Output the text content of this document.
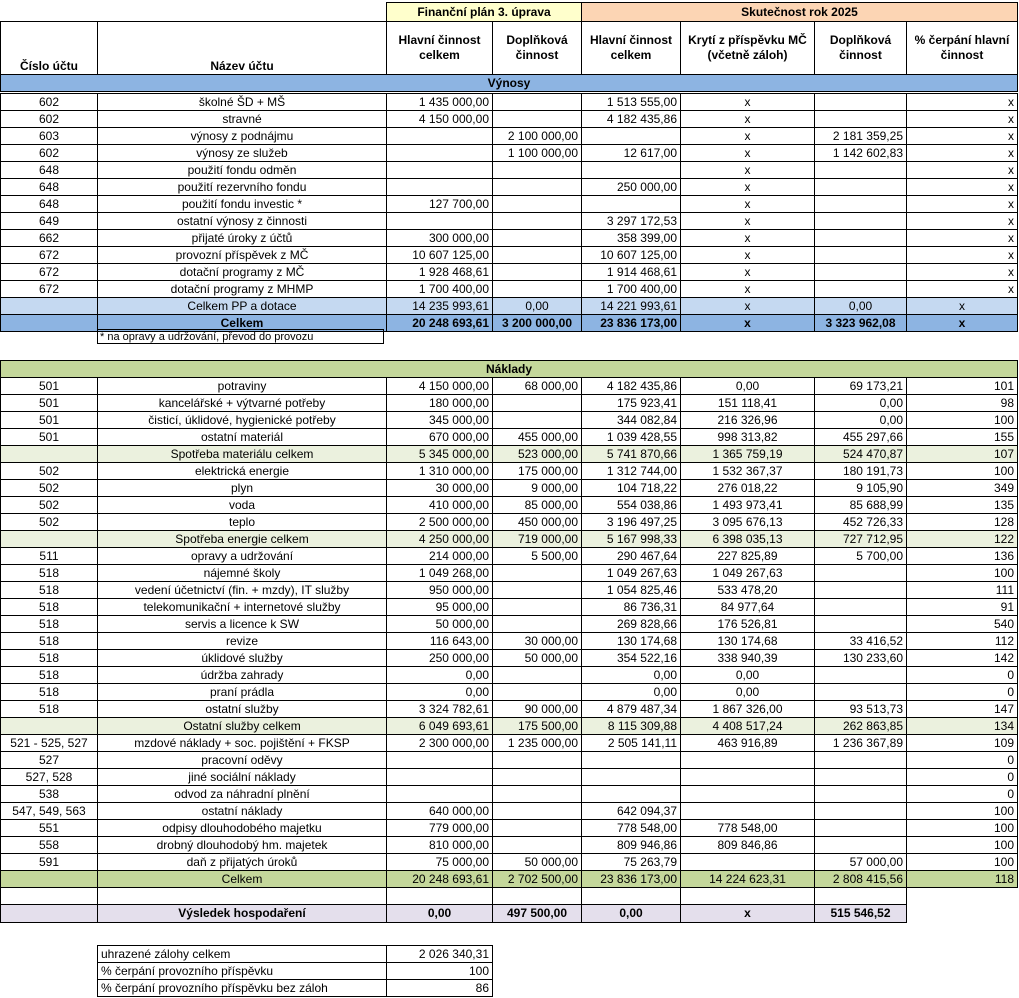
		Finanční plán 3. úprava		Skutečnost rok 2025			
Číslo účtu	Název účtu	Hlavní činnost celkem	Doplňková činnost	Hlavní činnost celkem	Krytí z příspěvku MČ (včetně záloh)	Doplňková činnost	% čerpání hlavní činnost
Výnosy							
602	školné ŠD + MŠ	1 435 000,00		1 513 555,00	x		x
602	stravné	4 150 000,00		4 182 435,86	x		x
603	výnosy z podnájmu		2 100 000,00		x	2 181 359,25	x
602	výnosy ze služeb		1 100 000,00	12 617,00	x	1 142 602,83	x
648	použití fondu odměn				x		x
648	použití rezervního fondu			250 000,00	x		x
648	použití fondu investic *	127 700,00			x		x
649	ostatní výnosy z činnosti			3 297 172,53	x		x
662	přijaté úroky z účtů	300 000,00		358 399,00	x		x
672	provozní příspěvek z MČ	10 607 125,00		10 607 125,00	x		x
672	dotační programy z MČ	1 928 468,61		1 914 468,61	x		x
672	dotační programy z MHMP	1 700 400,00		1 700 400,00	x		x
	Celkem PP a dotace	14 235 993,61	0,00	14 221 993,61	x	0,00	x
	Celkem	20 248 693,61	3 200 000,00	23 836 173,00	x	3 323 962,08	x
* na opravy a udržování, převod do provozu
Náklady							
501	potraviny	4 150 000,00	68 000,00	4 182 435,86	0,00	69 173,21	101
501	kancelářské + výtvarné potřeby	180 000,00		175 923,41	151 118,41	0,00	98
501	čisticí, úklidové, hygienické potřeby	345 000,00		344 082,84	216 326,96	0,00	100
501	ostatní materiál	670 000,00	455 000,00	1 039 428,55	998 313,82	455 297,66	155
	Spotřeba materiálu celkem	5 345 000,00	523 000,00	5 741 870,66	1 365 759,19	524 470,87	107
502	elektrická energie	1 310 000,00	175 000,00	1 312 744,00	1 532 367,37	180 191,73	100
502	plyn	30 000,00	9 000,00	104 718,22	276 018,22	9 105,90	349
502	voda	410 000,00	85 000,00	554 038,86	1 493 973,41	85 688,99	135
502	teplo	2 500 000,00	450 000,00	3 196 497,25	3 095 676,13	452 726,33	128
	Spotřeba energie celkem	4 250 000,00	719 000,00	5 167 998,33	6 398 035,13	727 712,95	122
511	opravy a udržování	214 000,00	5 500,00	290 467,64	227 825,89	5 700,00	136
518	nájemné školy	1 049 268,00		1 049 267,63	1 049 267,63		100
518	vedení účetnictví (fin. + mzdy), IT služby	950 000,00		1 054 825,46	533 478,20		111
518	telekomunikační + internetové služby	95 000,00		86 736,31	84 977,64		91
518	servis a licence k SW	50 000,00		269 828,66	176 526,81		540
518	revize	116 643,00	30 000,00	130 174,68	130 174,68	33 416,52	112
518	úklidové služby	250 000,00	50 000,00	354 522,16	338 940,39	130 233,60	142
518	údržba zahrady	0,00		0,00	0,00		0
518	praní prádla	0,00		0,00	0,00		0
518	ostatní služby	3 324 782,61	90 000,00	4 879 487,34	1 867 326,00	93 513,73	147
	Ostatní služby celkem	6 049 693,61	175 500,00	8 115 309,88	4 408 517,24	262 863,85	134
521 - 525, 527	mzdové náklady + soc. pojištění + FKSP	2 300 000,00	1 235 000,00	2 505 141,11	463 916,89	1 236 367,89	109
527	pracovní oděvy						0
527, 528	jiné sociální náklady						0
538	odvod za náhradní plnění						0
547, 549, 563	ostatní náklady	640 000,00		642 094,37			100
551	odpisy dlouhodobého majetku	779 000,00		778 548,00	778 548,00		100
558	drobný dlouhodobý hm. majetek	810 000,00		809 946,86	809 846,86		100
591	daň z přijatých úroků	75 000,00	50 000,00	75 263,79		57 000,00	100
	Celkem	20 248 693,61	2 702 500,00	23 836 173,00	14 224 623,31	2 808 415,56	118

	Výsledek hospodaření	0,00	497 500,00	0,00	x	515 546,52	
uhrazené zálohy celkem	2 026 340,31
% čerpání provozního příspěvku	100
% čerpání provozního příspěvku bez záloh	86
